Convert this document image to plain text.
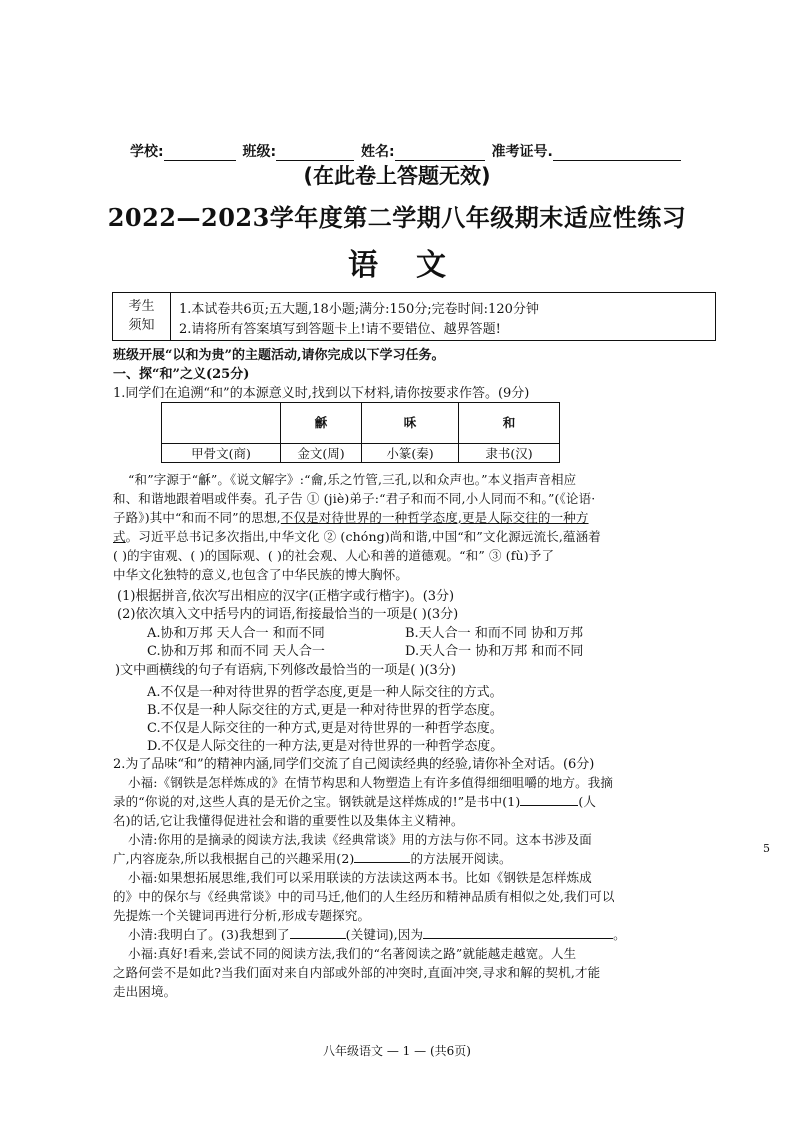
学校:	班级:	姓名:	准考证号.
(在此卷上答题无效)
2022—2023学年度第二学期八年级期末适应性练习
语文
考生
须知
1.本试卷共6页;五大题,18小题;满分:150分;完卷时间:120分钟
2.请将所有答案填写到答题卡上!请不要错位、越界答题!
班级开展“以和为贵”的主题活动,请你完成以下学习任务。
一、探“和”之义(25分)
1.同学们在追溯“和”的本源意义时,找到以下材料,请你按要求作答。(9分)
	龢	咊	和
甲骨文(商)	金文(周)	小篆(秦)	隶书(汉)
“和”字源于“龢”。《说文解字》:“龠,乐之竹管,三孔,以和众声也。”本义指声音相应
和、和谐地跟着唱或伴奏。孔子告 ① (jiè)弟子:“君子和而不同,小人同而不和。”(《论语·
子路》)其中“和而不同”的思想,不仅是对待世界的一种哲学态度,更是人际交往的一种方
式。习近平总书记多次指出,中华文化 ② (chóng)尚和谐,中国“和”文化源远流长,蕴涵着
( )的宇宙观、( )的国际观、( )的社会观、人心和善的道德观。“和” ③ (fù)予了
中华文化独特的意义,也包含了中华民族的博大胸怀。
(1)根据拼音,依次写出相应的汉字(正楷字或行楷字)。(3分)
(2)依次填入文中括号内的词语,衔接最恰当的一项是( )(3分)
A.协和万邦 天人合一 和而不同	B.天人合一 和而不同 协和万邦
C.协和万邦 和而不同 天人合一	D.天人合一 协和万邦 和而不同
)文中画横线的句子有语病,下列修改最恰当的一项是( )(3分)
A.不仅是一种对待世界的哲学态度,更是一种人际交往的方式。
B.不仅是一种人际交往的方式,更是一种对待世界的哲学态度。
C.不仅是人际交往的一种方式,更是对待世界的一种哲学态度。
D.不仅是人际交往的一种方法,更是对待世界的一种哲学态度。
2.为了品味“和”的精神内涵,同学们交流了自己阅读经典的经验,请你补全对话。(6分)
小福:《钢铁是怎样炼成的》在情节构思和人物塑造上有许多值得细细咀嚼的地方。我摘
录的“你说的对,这些人真的是无价之宝。钢铁就是这样炼成的!”是书中(1)	(人
名)的话,它让我懂得促进社会和谐的重要性以及集体主义精神。
小清:你用的是摘录的阅读方法,我读《经典常谈》用的方法与你不同。这本书涉及面
广,内容庞杂,所以我根据自己的兴趣采用(2)	的方法展开阅读。
小福:如果想拓展思维,我们可以采用联读的方法读这两本书。比如《钢铁是怎样炼成
的》中的保尔与《经典常谈》中的司马迁,他们的人生经历和精神品质有相似之处,我们可以
先提炼一个关键词再进行分析,形成专题探究。
小清:我明白了。(3)我想到了	(关键词),因为	。
小福:真好!看来,尝试不同的阅读方法,我们的“名著阅读之路”就能越走越宽。人生
之路何尝不是如此?当我们面对来自内部或外部的冲突时,直面冲突,寻求和解的契机,才能
走出困境。
5
八年级语文 — 1 — (共6页)
